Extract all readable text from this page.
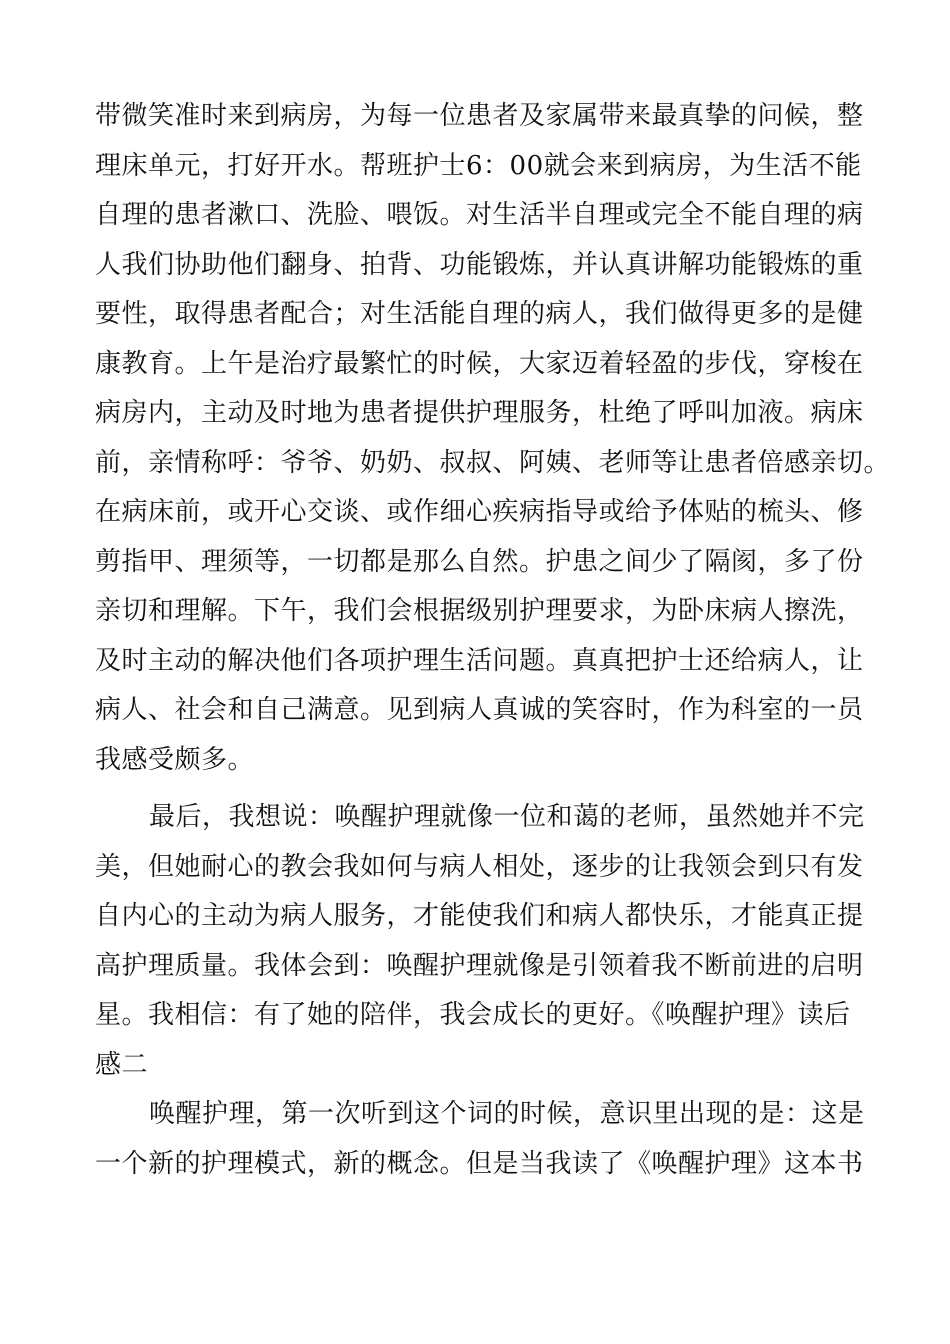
带微笑准时来到病房，为每一位患者及家属带来最真挚的问候，整
理床单元，打好开水。帮班护士6：00就会来到病房，为生活不能
自理的患者漱口、洗脸、喂饭。对生活半自理或完全不能自理的病
人我们协助他们翻身、拍背、功能锻炼，并认真讲解功能锻炼的重
要性，取得患者配合；对生活能自理的病人，我们做得更多的是健
康教育。上午是治疗最繁忙的时候，大家迈着轻盈的步伐，穿梭在
病房内，主动及时地为患者提供护理服务，杜绝了呼叫加液。病床
前，亲情称呼：爷爷、奶奶、叔叔、阿姨、老师等让患者倍感亲切。
在病床前，或开心交谈、或作细心疾病指导或给予体贴的梳头、修
剪指甲、理须等，一切都是那么自然。护患之间少了隔阂，多了份
亲切和理解。下午，我们会根据级别护理要求，为卧床病人擦洗，
及时主动的解决他们各项护理生活问题。真真把护士还给病人，让
病人、社会和自己满意。见到病人真诚的笑容时，作为科室的一员
我感受颇多。
最后，我想说：唤醒护理就像一位和蔼的老师，虽然她并不完
美，但她耐心的教会我如何与病人相处，逐步的让我领会到只有发
自内心的主动为病人服务，才能使我们和病人都快乐，才能真正提
高护理质量。我体会到：唤醒护理就像是引领着我不断前进的启明
星。我相信：有了她的陪伴，我会成长的更好。《唤醒护理》读后
感二
唤醒护理，第一次听到这个词的时候，意识里出现的是：这是
一个新的护理模式，新的概念。但是当我读了《唤醒护理》这本书
